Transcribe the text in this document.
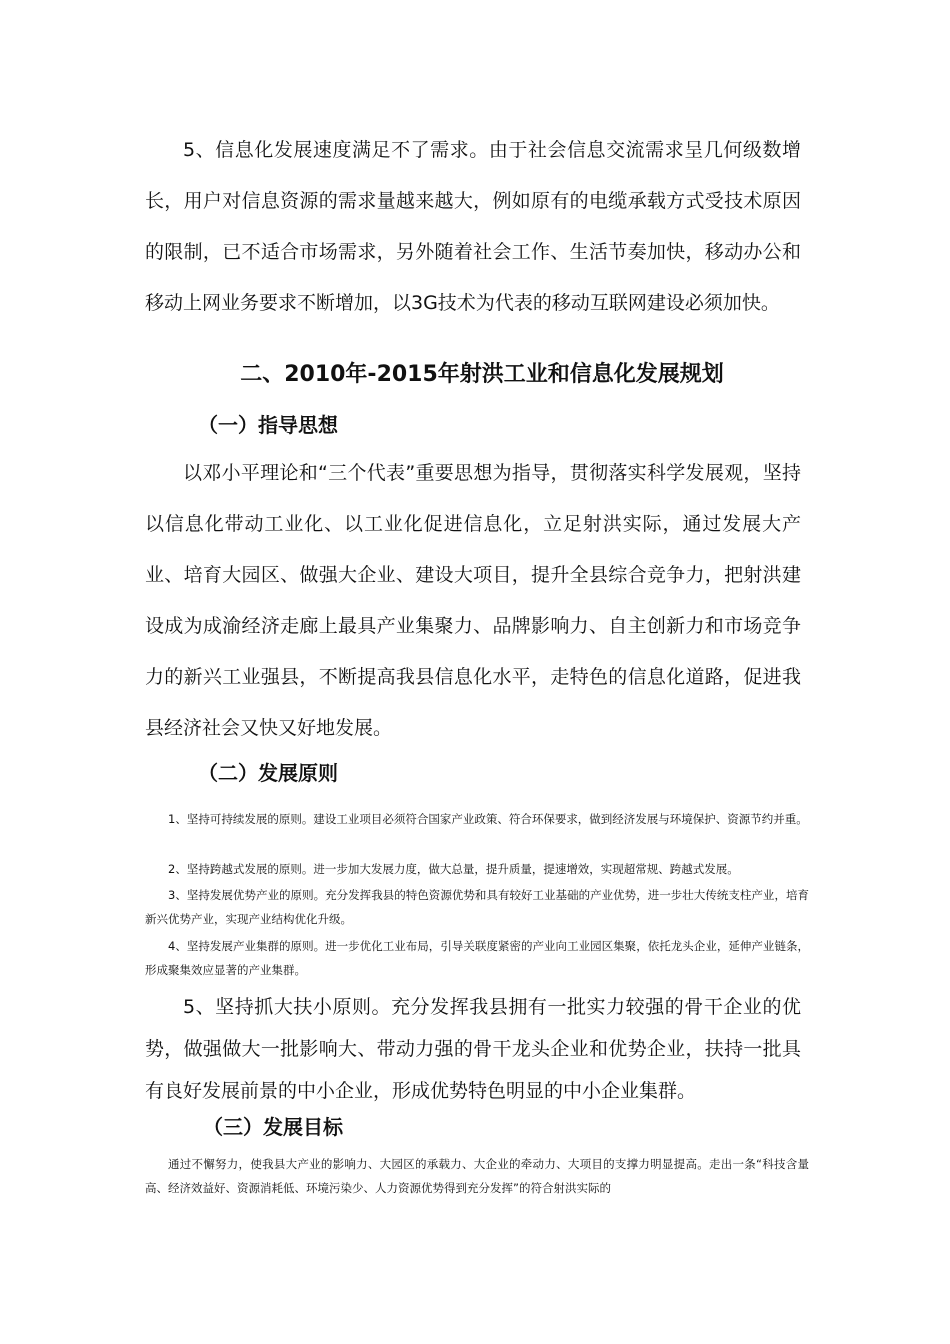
5、信息化发展速度满足不了需求。由于社会信息交流需求呈几何级数增长，用户对信息资源的需求量越来越大，例如原有的电缆承载方式受技术原因的限制，已不适合市场需求，另外随着社会工作、生活节奏加快，移动办公和移动上网业务要求不断增加，以3G技术为代表的移动互联网建设必须加快。

二、2010年-2015年射洪工业和信息化发展规划
（一）指导思想

以邓小平理论和“三个代表”重要思想为指导，贯彻落实科学发展观，坚持以信息化带动工业化、以工业化促进信息化，立足射洪实际，通过发展大产业、培育大园区、做强大企业、建设大项目，提升全县综合竞争力，把射洪建设成为成渝经济走廊上最具产业集聚力、品牌影响力、自主创新力和市场竞争力的新兴工业强县，不断提高我县信息化水平，走特色的信息化道路，促进我县经济社会又快又好地发展。

（二）发展原则

1、坚持可持续发展的原则。建设工业项目必须符合国家产业政策、符合环保要求，做到经济发展与环境保护、资源节约并重。

2、坚持跨越式发展的原则。进一步加大发展力度，做大总量，提升质量，提速增效，实现超常规、跨越式发展。

3、坚持发展优势产业的原则。充分发挥我县的特色资源优势和具有较好工业基础的产业优势，进一步壮大传统支柱产业，培育新兴优势产业，实现产业结构优化升级。

4、坚持发展产业集群的原则。进一步优化工业布局，引导关联度紧密的产业向工业园区集聚，依托龙头企业，延伸产业链条，形成聚集效应显著的产业集群。

5、坚持抓大扶小原则。充分发挥我县拥有一批实力较强的骨干企业的优势，做强做大一批影响大、带动力强的骨干龙头企业和优势企业，扶持一批具有良好发展前景的中小企业，形成优势特色明显的中小企业集群。

（三）发展目标

通过不懈努力，使我县大产业的影响力、大园区的承载力、大企业的牵动力、大项目的支撑力明显提高。走出一条“科技含量高、经济效益好、资源消耗低、环境污染少、人力资源优势得到充分发挥”的符合射洪实际的
